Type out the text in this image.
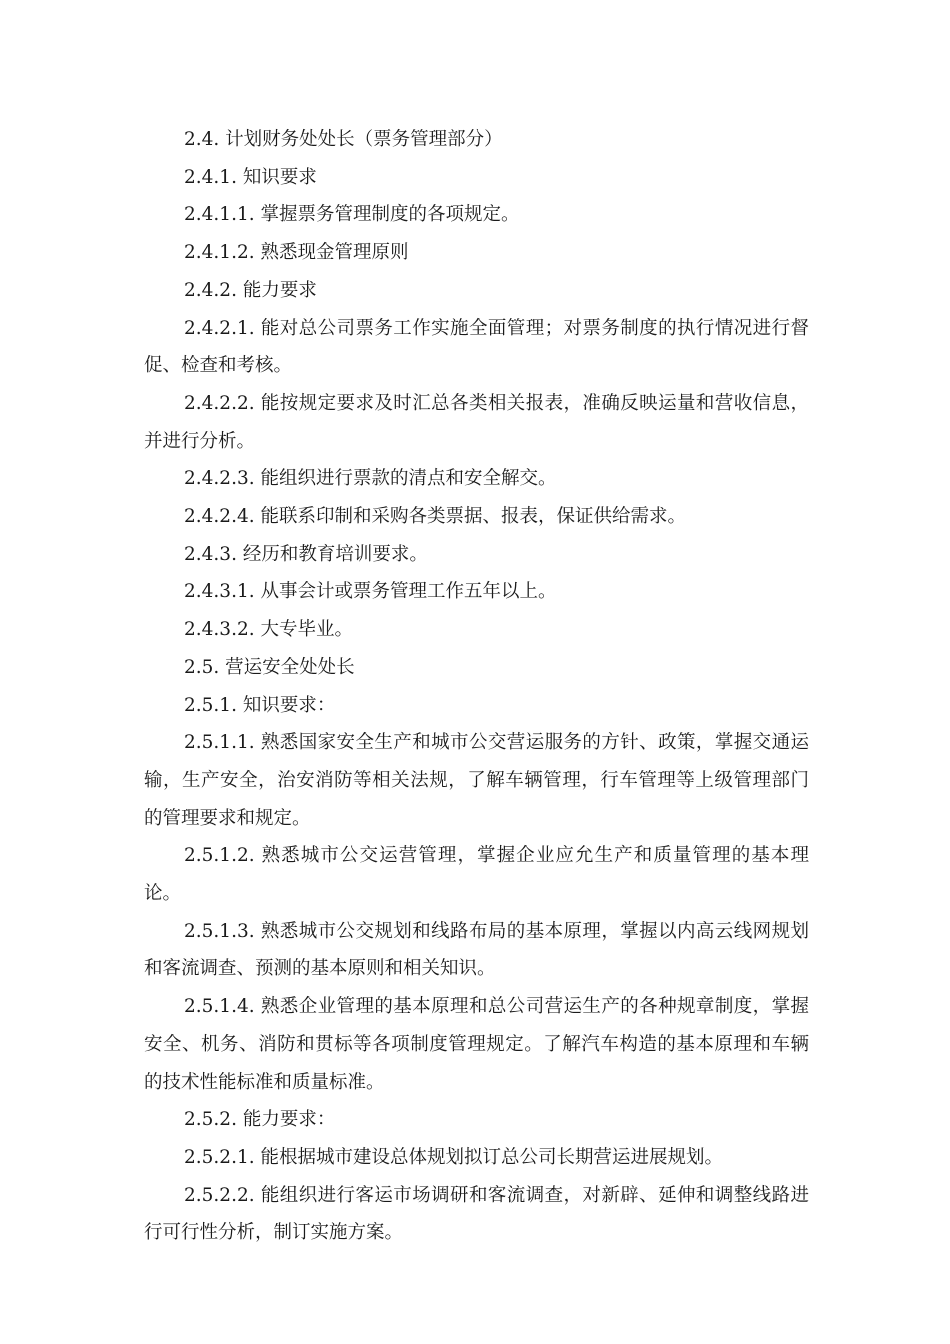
2.4. 计划财务处处长（票务管理部分）

2.4.1. 知识要求

2.4.1.1. 掌握票务管理制度的各项规定。

2.4.1.2. 熟悉现金管理原则

2.4.2. 能力要求

2.4.2.1. 能对总公司票务工作实施全面管理；对票务制度的执行情况进行督促、检查和考核。

2.4.2.2. 能按规定要求及时汇总各类相关报表，准确反映运量和营收信息，并进行分析。

2.4.2.3. 能组织进行票款的清点和安全解交。

2.4.2.4. 能联系印制和采购各类票据、报表，保证供给需求。

2.4.3. 经历和教育培训要求。

2.4.3.1. 从事会计或票务管理工作五年以上。

2.4.3.2. 大专毕业。

2.5. 营运安全处处长

2.5.1. 知识要求：

2.5.1.1. 熟悉国家安全生产和城市公交营运服务的方针、政策，掌握交通运输，生产安全，治安消防等相关法规，了解车辆管理，行车管理等上级管理部门的管理要求和规定。

2.5.1.2. 熟悉城市公交运营管理，掌握企业应允生产和质量管理的基本理论。

2.5.1.3. 熟悉城市公交规划和线路布局的基本原理，掌握以内高云线网规划和客流调查、预测的基本原则和相关知识。

2.5.1.4. 熟悉企业管理的基本原理和总公司营运生产的各种规章制度，掌握安全、机务、消防和贯标等各项制度管理规定。了解汽车构造的基本原理和车辆的技术性能标准和质量标准。

2.5.2. 能力要求：

2.5.2.1. 能根据城市建设总体规划拟订总公司长期营运进展规划。

2.5.2.2. 能组织进行客运市场调研和客流调查，对新辟、延伸和调整线路进行可行性分析，制订实施方案。
